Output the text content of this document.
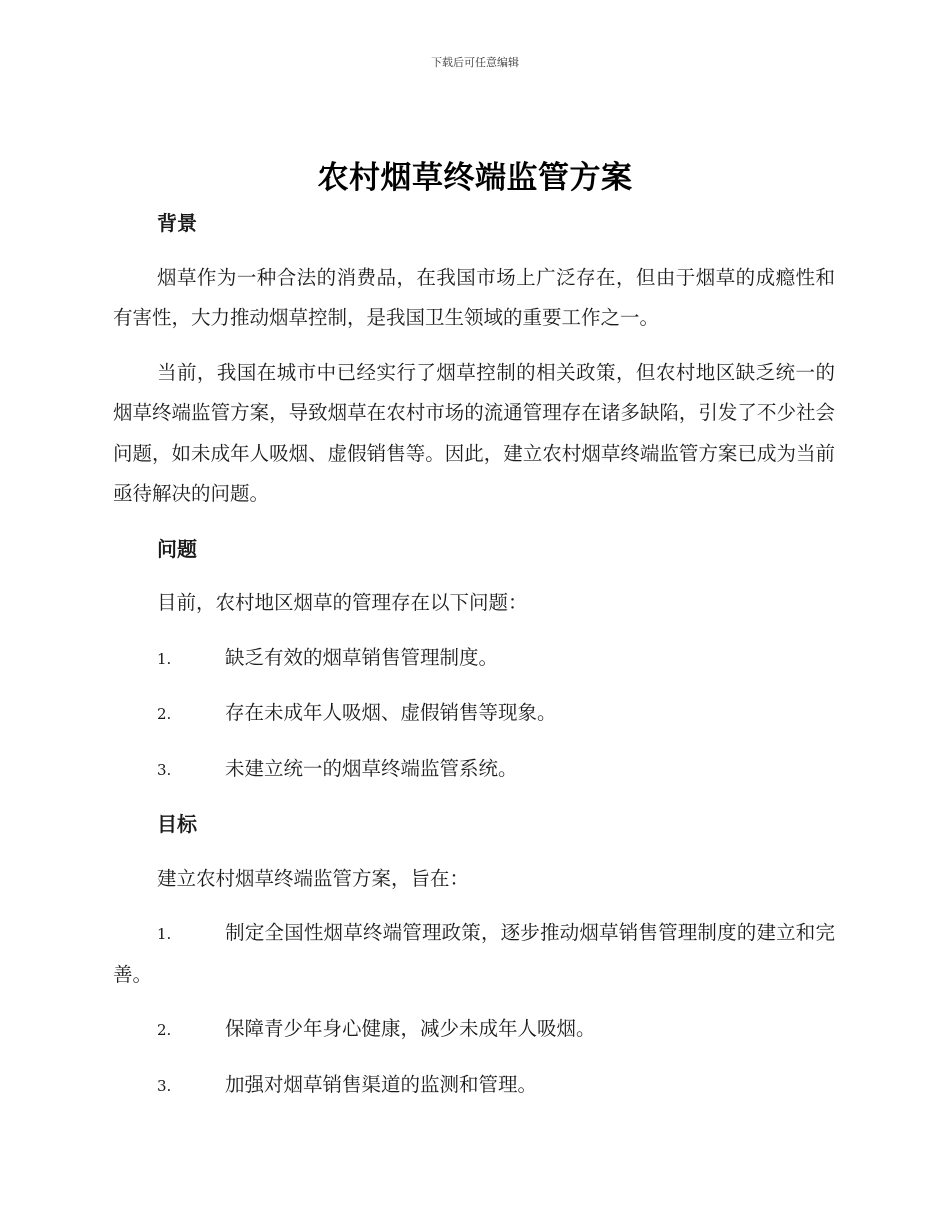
下载后可任意编辑
农村烟草终端监管方案
背景

烟草作为一种合法的消费品，在我国市场上广泛存在，但由于烟草的成瘾性和有害性，大力推动烟草控制，是我国卫生领域的重要工作之一。

当前，我国在城市中已经实行了烟草控制的相关政策，但农村地区缺乏统一的烟草终端监管方案，导致烟草在农村市场的流通管理存在诸多缺陷，引发了不少社会问题，如未成年人吸烟、虚假销售等。因此，建立农村烟草终端监管方案已成为当前亟待解决的问题。

问题

目前，农村地区烟草的管理存在以下问题：

1.	缺乏有效的烟草销售管理制度。

2.	存在未成年人吸烟、虚假销售等现象。

3.	未建立统一的烟草终端监管系统。

目标

建立农村烟草终端监管方案，旨在：

1.	制定全国性烟草终端管理政策，逐步推动烟草销售管理制度的建立和完善。

2.	保障青少年身心健康，减少未成年人吸烟。

3.	加强对烟草销售渠道的监测和管理。
